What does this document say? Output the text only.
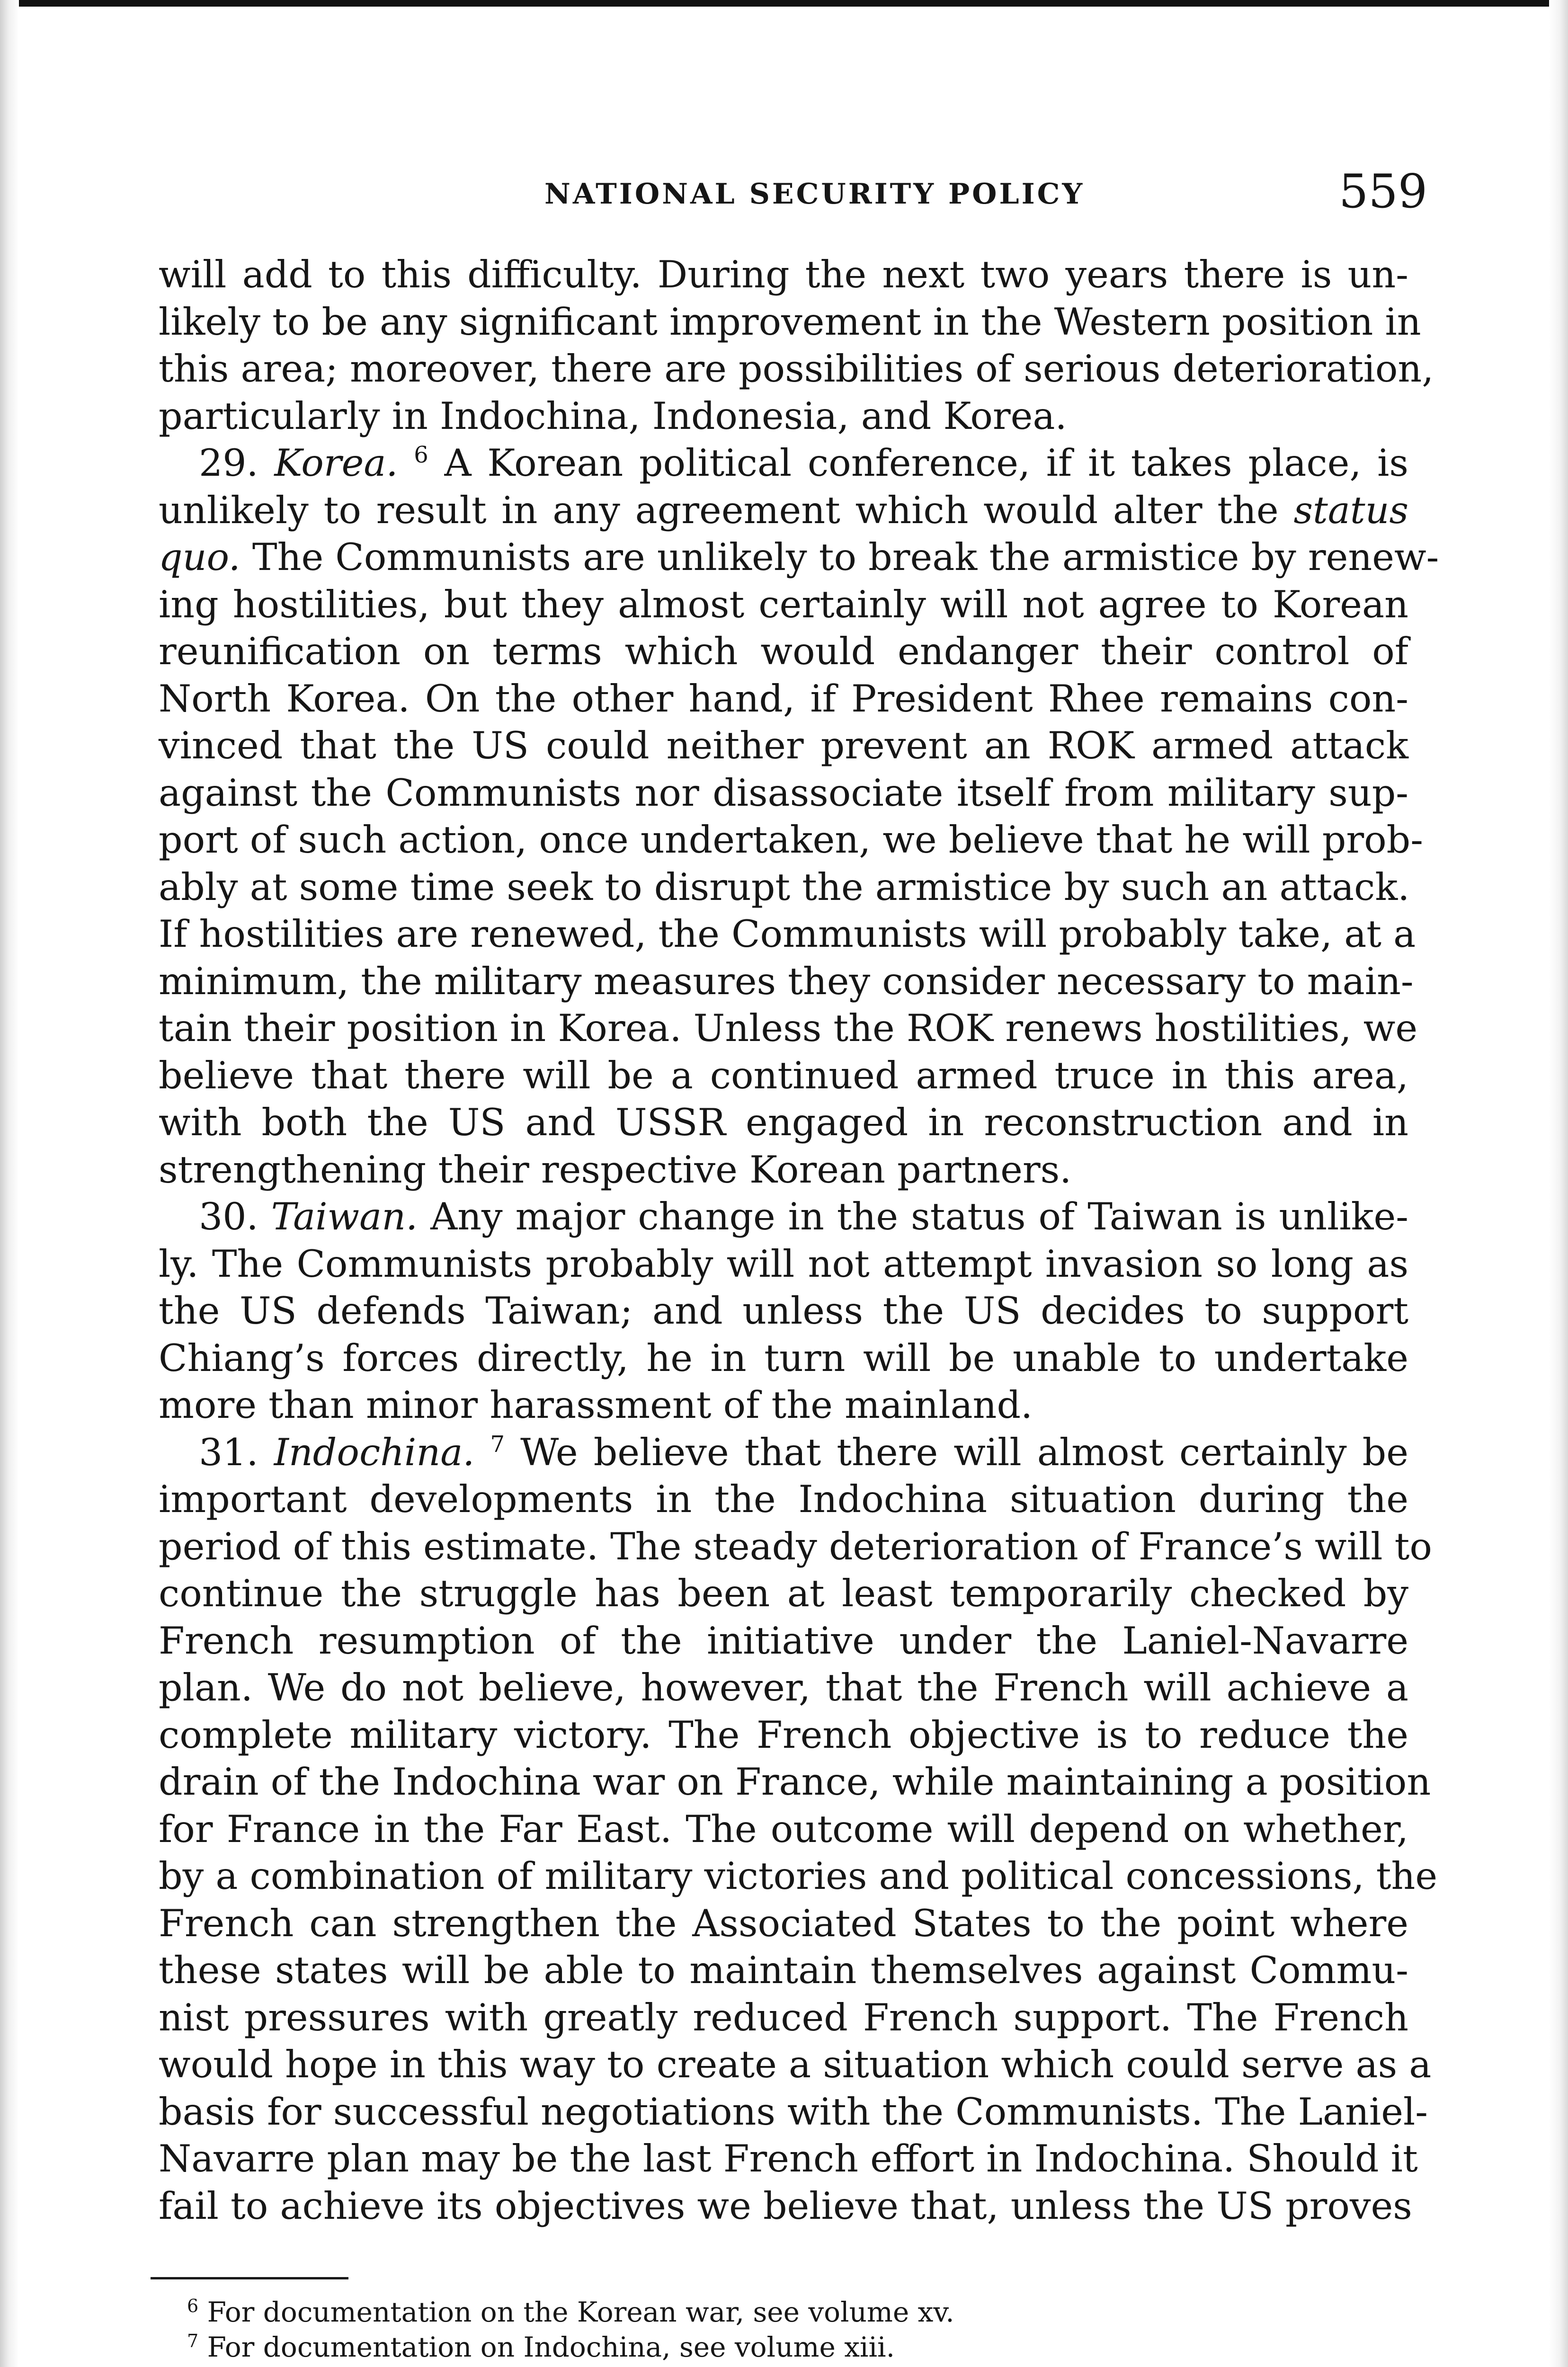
NATIONAL SECURITY POLICY	559
will add to this difficulty. During the next two years there is un-
likely to be any significant improvement in the Western position in
this area; moreover, there are possibilities of serious deterioration,
particularly in Indochina, Indonesia, and Korea.
29. Korea. $^6$ A Korean political conference, if it takes place, is
unlikely to result in any agreement which would alter the status
quo. The Communists are unlikely to break the armistice by renew-
ing hostilities, but they almost certainly will not agree to Korean
reunification on terms which would endanger their control of
North Korea. On the other hand, if President Rhee remains con-
vinced that the US could neither prevent an ROK armed attack
against the Communists nor disassociate itself from military sup-
port of such action, once undertaken, we believe that he will prob-
ably at some time seek to disrupt the armistice by such an attack.
If hostilities are renewed, the Communists will probably take, at a
minimum, the military measures they consider necessary to main-
tain their position in Korea. Unless the ROK renews hostilities, we
believe that there will be a continued armed truce in this area,
with both the US and USSR engaged in reconstruction and in
strengthening their respective Korean partners.
30. Taiwan. Any major change in the status of Taiwan is unlike-
ly. The Communists probably will not attempt invasion so long as
the US defends Taiwan; and unless the US decides to support
Chiang’s forces directly, he in turn will be unable to undertake
more than minor harassment of the mainland.
31. Indochina. $^7$ We believe that there will almost certainly be
important developments in the Indochina situation during the
period of this estimate. The steady deterioration of France’s will to
continue the struggle has been at least temporarily checked by
French resumption of the initiative under the Laniel-Navarre
plan. We do not believe, however, that the French will achieve a
complete military victory. The French objective is to reduce the
drain of the Indochina war on France, while maintaining a position
for France in the Far East. The outcome will depend on whether,
by a combination of military victories and political concessions, the
French can strengthen the Associated States to the point where
these states will be able to maintain themselves against Commu-
nist pressures with greatly reduced French support. The French
would hope in this way to create a situation which could serve as a
basis for successful negotiations with the Communists. The Laniel-
Navarre plan may be the last French effort in Indochina. Should it
fail to achieve its objectives we believe that, unless the US proves
$^6$ For documentation on the Korean war, see volume xv.
$^7$ For documentation on Indochina, see volume xiii.
